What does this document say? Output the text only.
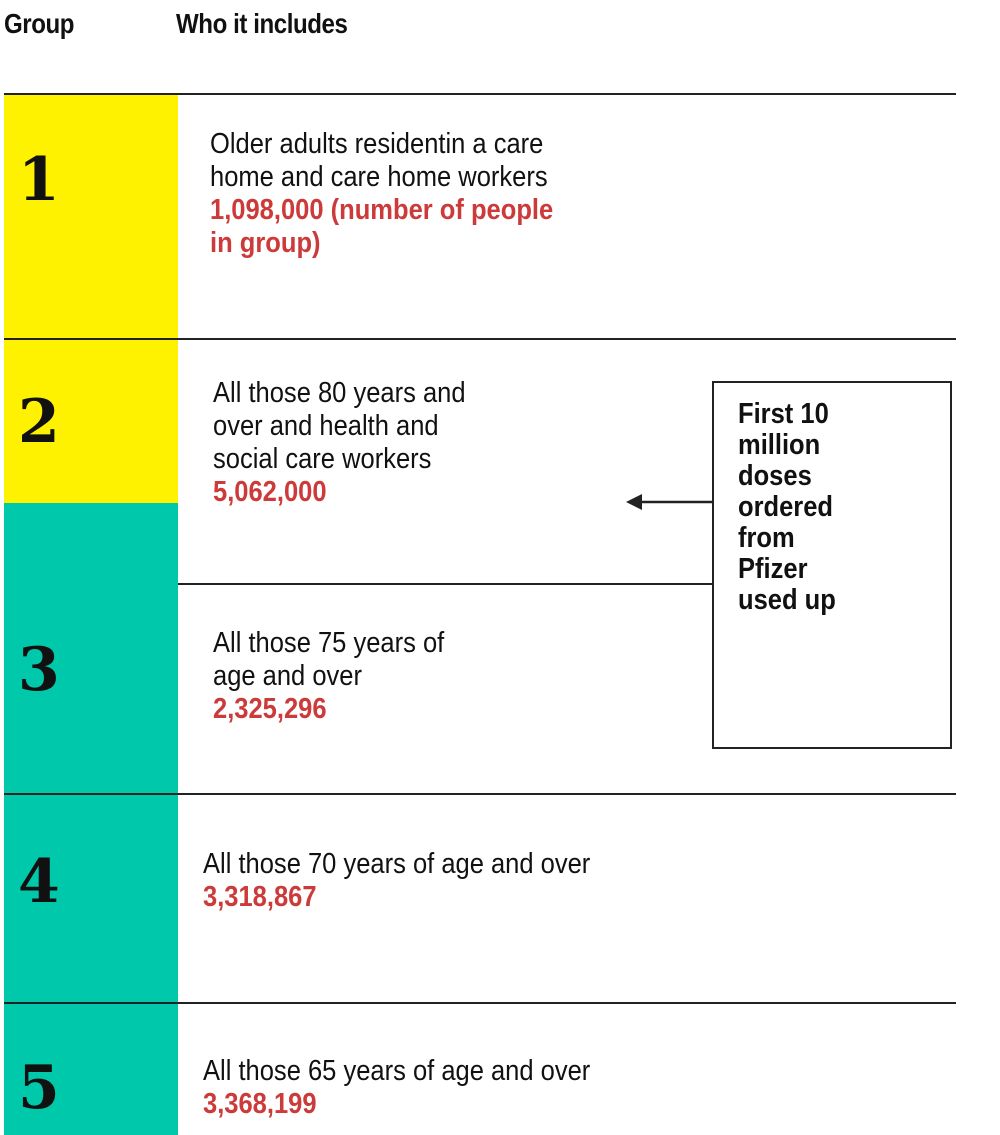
Group	Who it includes
1
Older adults residentin a care
home and care home workers
1,098,000 (number of people
in group)
2	All those 80 years and
over and health and
social care workers
5,062,000
3	All those 75 years of
age and over
2,325,296
4	All those 70 years of age and over
3,318,867
5	All those 65 years of age and over
3,368,199
First 10
million
doses
ordered
from
Pfizer
used up
